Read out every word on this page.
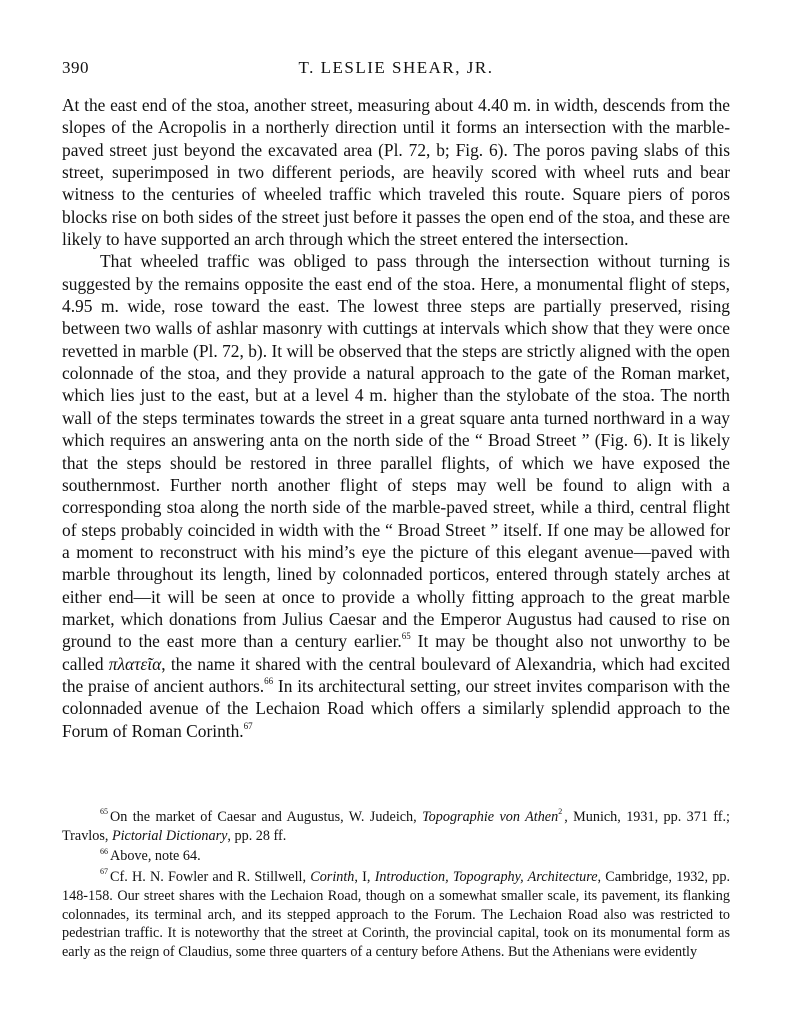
390	T. LESLIE SHEAR, JR.

At the east end of the stoa, another street, measuring about 4.40 m. in width, descends from the slopes of the Acropolis in a northerly direction until it forms an intersection with the marble-paved street just beyond the excavated area (Pl. 72, b; Fig. 6). The poros paving slabs of this street, superimposed in two different periods, are heavily scored with wheel ruts and bear witness to the centuries of wheeled traffic which traveled this route. Square piers of poros blocks rise on both sides of the street just before it passes the open end of the stoa, and these are likely to have supported an arch through which the street entered the intersection.

That wheeled traffic was obliged to pass through the intersection without turning is suggested by the remains opposite the east end of the stoa. Here, a monumental flight of steps, 4.95 m. wide, rose toward the east. The lowest three steps are partially preserved, rising between two walls of ashlar masonry with cuttings at intervals which show that they were once revetted in marble (Pl. 72, b). It will be observed that the steps are strictly aligned with the open colonnade of the stoa, and they provide a natural approach to the gate of the Roman market, which lies just to the east, but at a level 4 m. higher than the stylobate of the stoa. The north wall of the steps terminates towards the street in a great square anta turned northward in a way which requires an answering anta on the north side of the “ Broad Street ” (Fig. 6). It is likely that the steps should be restored in three parallel flights, of which we have exposed the southernmost. Further north another flight of steps may well be found to align with a corresponding stoa along the north side of the marble-paved street, while a third, central flight of steps probably coincided in width with the “ Broad Street ” itself. If one may be allowed for a moment to reconstruct with his mind’s eye the picture of this elegant avenue—paved with marble throughout its length, lined by colonnaded porticos, entered through stately arches at either end—it will be seen at once to provide a wholly fitting approach to the great marble market, which donations from Julius Caesar and the Emperor Augustus had caused to rise on ground to the east more than a century earlier.$^{65}$ It may be thought also not unworthy to be called πλατεῖα, the name it shared with the central boulevard of Alexandria, which had excited the praise of ancient authors.$^{66}$ In its architectural setting, our street invites comparison with the colonnaded avenue of the Lechaion Road which offers a similarly splendid approach to the Forum of Roman Corinth.$^{67}$

$^{65}$ On the market of Caesar and Augustus, W. Judeich, Topographie von Athen$^2$ , Munich, 1931, pp. 371 ff.; Travlos, Pictorial Dictionary, pp. 28 ff.

$^{66}$ Above, note 64.

$^{67}$ Cf. H. N. Fowler and R. Stillwell, Corinth, I, Introduction, Topography, Architecture, Cambridge, 1932, pp. 148-158. Our street shares with the Lechaion Road, though on a somewhat smaller scale, its pavement, its flanking colonnades, its terminal arch, and its stepped approach to the Forum. The Lechaion Road also was restricted to pedestrian traffic. It is noteworthy that the street at Corinth, the provincial capital, took on its monumental form as early as the reign of Claudius, some three quarters of a century before Athens. But the Athenians were evidently
